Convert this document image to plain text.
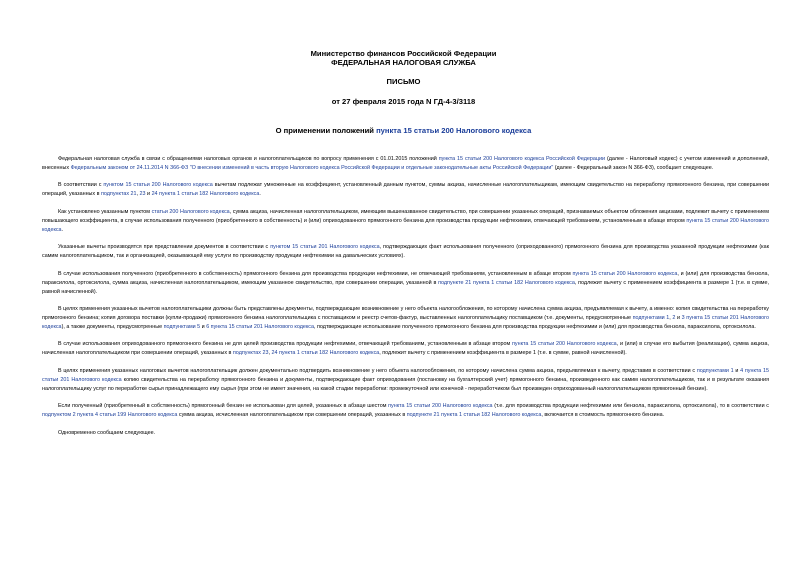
Министерство финансов Российской Федерации
ФЕДЕРАЛЬНАЯ НАЛОГОВАЯ СЛУЖБА
ПИСЬМО
от 27 февраля 2015 года N ГД-4-3/3118
О применении положений пункта 15 статьи 200 Налогового кодекса

Федеральная налоговая служба в связи с обращениями налоговых органов и налогоплательщиков по вопросу применения с 01.01.2015 положений пункта 15 статьи 200 Налогового кодекса Российской Федерации (далее - Налоговый кодекс) с учетом изменений и дополнений, внесенных Федеральным законом от 24.11.2014 N 366-ФЗ "О внесении изменений в часть вторую Налогового кодекса Российской Федерации и отдельные законодательные акты Российской Федерации" (далее - Федеральный закон N 366-ФЗ), сообщает следующее.

В соответствии с пунктом 15 статьи 200 Налогового кодекса вычетам подлежат умноженные на коэффициент, установленный данным пунктом, суммы акциза, начисленные налогоплательщикам, имеющим свидетельство на переработку прямогонного бензина, при совершении операций, указанных в подпунктах 21, 23 и 24 пункта 1 статьи 182 Налогового кодекса.

Как установлено указанным пунктом статьи 200 Налогового кодекса, сумма акциза, начисленная налогоплательщиком, имеющим вышеназванное свидетельство, при совершении указанных операций, признаваемых объектом обложения акцизами, подлежит вычету с применением повышающего коэффициента, в случае использования полученного (приобретенного в собственность) и (или) оприходованного прямогонного бензина для производства продукции нефтехимии, отвечающей требованиям, установленным в абзаце втором пункта 15 статьи 200 Налогового кодекса.

Указанные вычеты производятся при представлении документов в соответствии с пунктом 15 статьи 201 Налогового кодекса, подтверждающих факт использования полученного (оприходованного) прямогонного бензина для производства указанной продукции нефтехимии (как самим налогоплательщиком, так и организацией, оказывающей ему услуги по производству продукции нефтехимии на давальческих условиях).

В случае использования полученного (приобретенного в собственность) прямогонного бензина для производства продукции нефтехимии, не отвечающей требованиям, установленным в абзаце втором пункта 15 статьи 200 Налогового кодекса, и (или) для производства бензола, параксилола, ортоксилола, сумма акциза, начисленная налогоплательщиком, имеющим указанное свидетельство, при совершении операции, указанной в подпункте 21 пункта 1 статьи 182 Налогового кодекса, подлежит вычету с применением коэффициента в размере 1 (т.е. в сумме, равной начисленной).

В целях применения указанных вычетов налогоплательщики должны быть представлены документы, подтверждающие возникновение у него объекта налогообложения, по которому начислена сумма акциза, предъявляемая к вычету, а именно: копия свидетельства на переработку прямогонного бензина; копия договора поставки (купли-продажи) прямогонного бензина налогоплательщика с поставщиком и реестр счетов-фактур, выставленных налогоплательщику поставщиком (т.е. документы, предусмотренные подпунктами 1, 2 и 3 пункта 15 статьи 201 Налогового кодекса), а также документы, предусмотренные подпунктами 5 и 6 пункта 15 статьи 201 Налогового кодекса, подтверждающие использование полученного прямогонного бензина для производства продукции нефтехимии и (или) для производства бензола, параксилола, ортоксилола.

В случае использования оприходованного прямогонного бензина не для целей производства продукции нефтехимии, отвечающей требованиям, установленным в абзаце втором пункта 15 статьи 200 Налогового кодекса, и (или) в случае его выбытия (реализации), сумма акциза, начисленная налогоплательщиком при совершении операций, указанных в подпунктах 23, 24 пункта 1 статьи 182 Налогового кодекса, подлежит вычету с применением коэффициента в размере 1 (т.е. в сумме, равной начисленной).

В целях применения указанных налоговых вычетов налогоплательщик должен документально подтвердить возникновение у него объекта налогообложения, по которому начислена сумма акциза, предъявляемая к вычету, представив в соответствии с подпунктами 1 и 4 пункта 15 статьи 201 Налогового кодекса копию свидетельства на переработку прямогонного бензина и документы, подтверждающие факт оприходования (постановку на бухгалтерский учет) прямогонного бензина, произведенного как самим налогоплательщиком, так и в результате оказания налогоплательщику услуг по переработке сырья принадлежащего ему сырья (при этом не имеет значения, на какой стадии переработки: промежуточной или конечной - переработчиком был произведен оприходованный налогоплательщиком прямогонный бензин).

Если полученный (приобретенный в собственность) прямогонный бензин не использован для целей, указанных в абзаце шестом пункта 15 статьи 200 Налогового кодекса (т.е. для производства продукции нефтехимии или бензола, параксилола, ортоксилола), то в соответствии с подпунктом 2 пункта 4 статьи 199 Налогового кодекса сумма акциза, исчисленная налогоплательщиком при совершении операций, указанных в подпункте 21 пункта 1 статьи 182 Налогового кодекса, включается в стоимость прямогонного бензина.

Одновременно сообщаем следующее.
